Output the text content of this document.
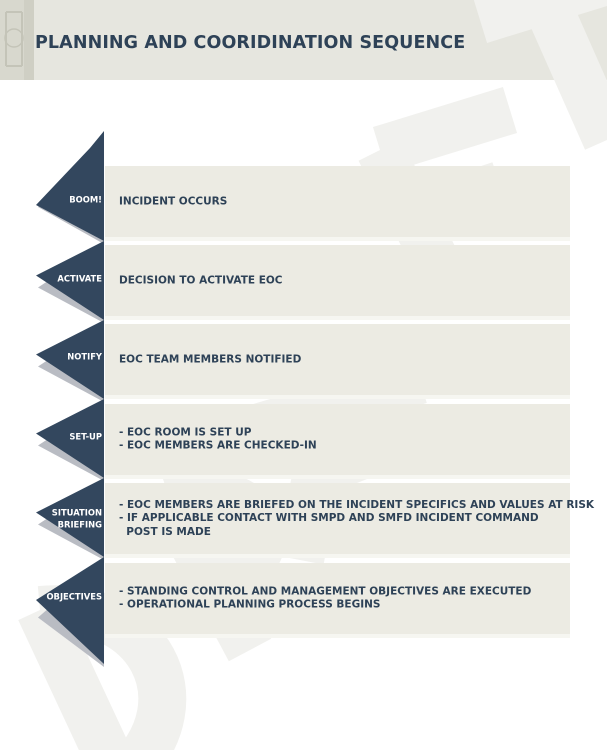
PLANNING AND COORIDINATION SEQUENCE
INCIDENT OCCURS
DECISION TO ACTIVATE EOC
EOC TEAM MEMBERS NOTIFIED
- EOC ROOM IS SET UP
- EOC MEMBERS ARE CHECKED-IN
- EOC MEMBERS ARE BRIEFED ON THE INCIDENT SPECIFICS AND VALUES AT RISK
- IF APPLICABLE CONTACT WITH SMPD AND SMFD INCIDENT COMMAND
POST IS MADE
- STANDING CONTROL AND MANAGEMENT OBJECTIVES ARE EXECUTED
- OPERATIONAL PLANNING PROCESS BEGINS
BOOM!
ACTIVATE
NOTIFY
SET-UP
SITUATION
BRIEFING
OBJECTIVES
